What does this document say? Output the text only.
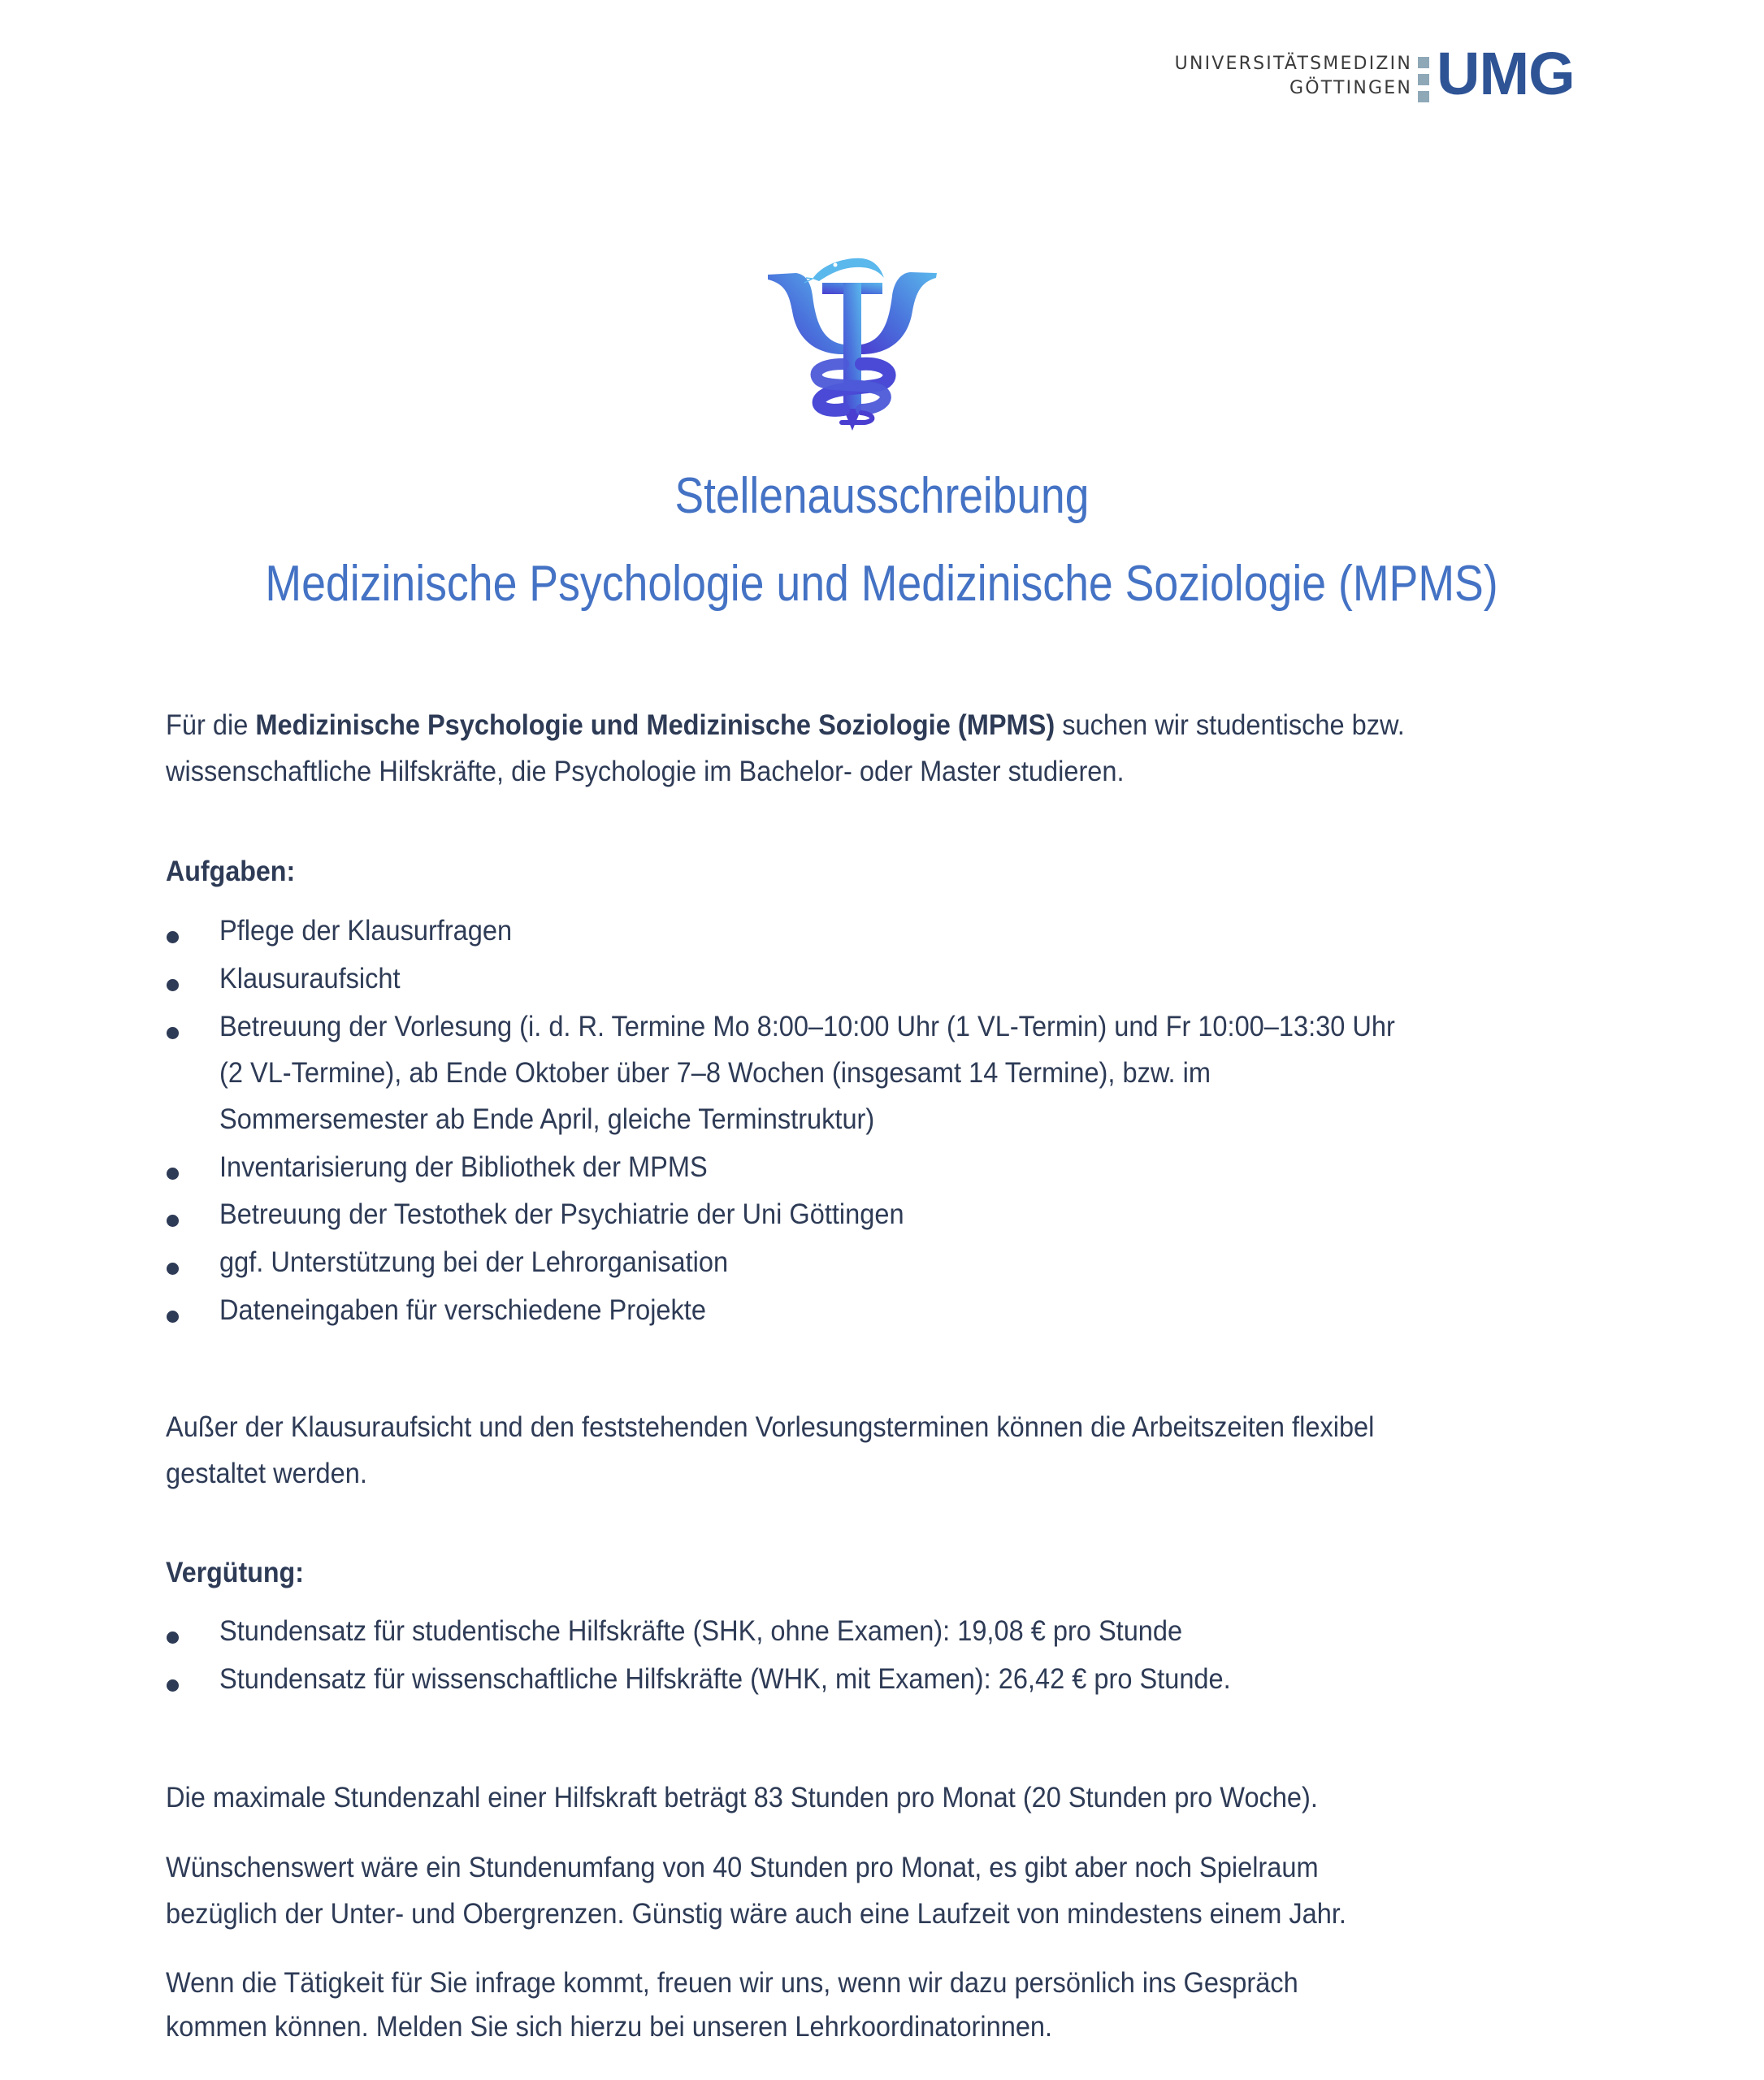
UNIVERSITÄTSMEDIZIN
GÖTTINGEN UMG
Stellenausschreibung
Medizinische Psychologie und Medizinische Soziologie (MPMS)
Für die Medizinische Psychologie und Medizinische Soziologie (MPMS) suchen wir studentische bzw.
wissenschaftliche Hilfskräfte, die Psychologie im Bachelor- oder Master studieren.
Aufgaben:
Pflege der Klausurfragen
Klausuraufsicht
Betreuung der Vorlesung (i. d. R. Termine Mo 8:00–10:00 Uhr (1 VL-Termin) und Fr 10:00–13:30 Uhr
(2 VL-Termine), ab Ende Oktober über 7–8 Wochen (insgesamt 14 Termine), bzw. im
Sommersemester ab Ende April, gleiche Terminstruktur)
Inventarisierung der Bibliothek der MPMS
Betreuung der Testothek der Psychiatrie der Uni Göttingen
ggf. Unterstützung bei der Lehrorganisation
Dateneingaben für verschiedene Projekte
Außer der Klausuraufsicht und den feststehenden Vorlesungsterminen können die Arbeitszeiten flexibel
gestaltet werden.
Vergütung:
Stundensatz für studentische Hilfskräfte (SHK, ohne Examen): 19,08 € pro Stunde
Stundensatz für wissenschaftliche Hilfskräfte (WHK, mit Examen): 26,42 € pro Stunde.
Die maximale Stundenzahl einer Hilfskraft beträgt 83 Stunden pro Monat (20 Stunden pro Woche).
Wünschenswert wäre ein Stundenumfang von 40 Stunden pro Monat, es gibt aber noch Spielraum
bezüglich der Unter- und Obergrenzen. Günstig wäre auch eine Laufzeit von mindestens einem Jahr.
Wenn die Tätigkeit für Sie infrage kommt, freuen wir uns, wenn wir dazu persönlich ins Gespräch
kommen können. Melden Sie sich hierzu bei unseren Lehrkoordinatorinnen.
